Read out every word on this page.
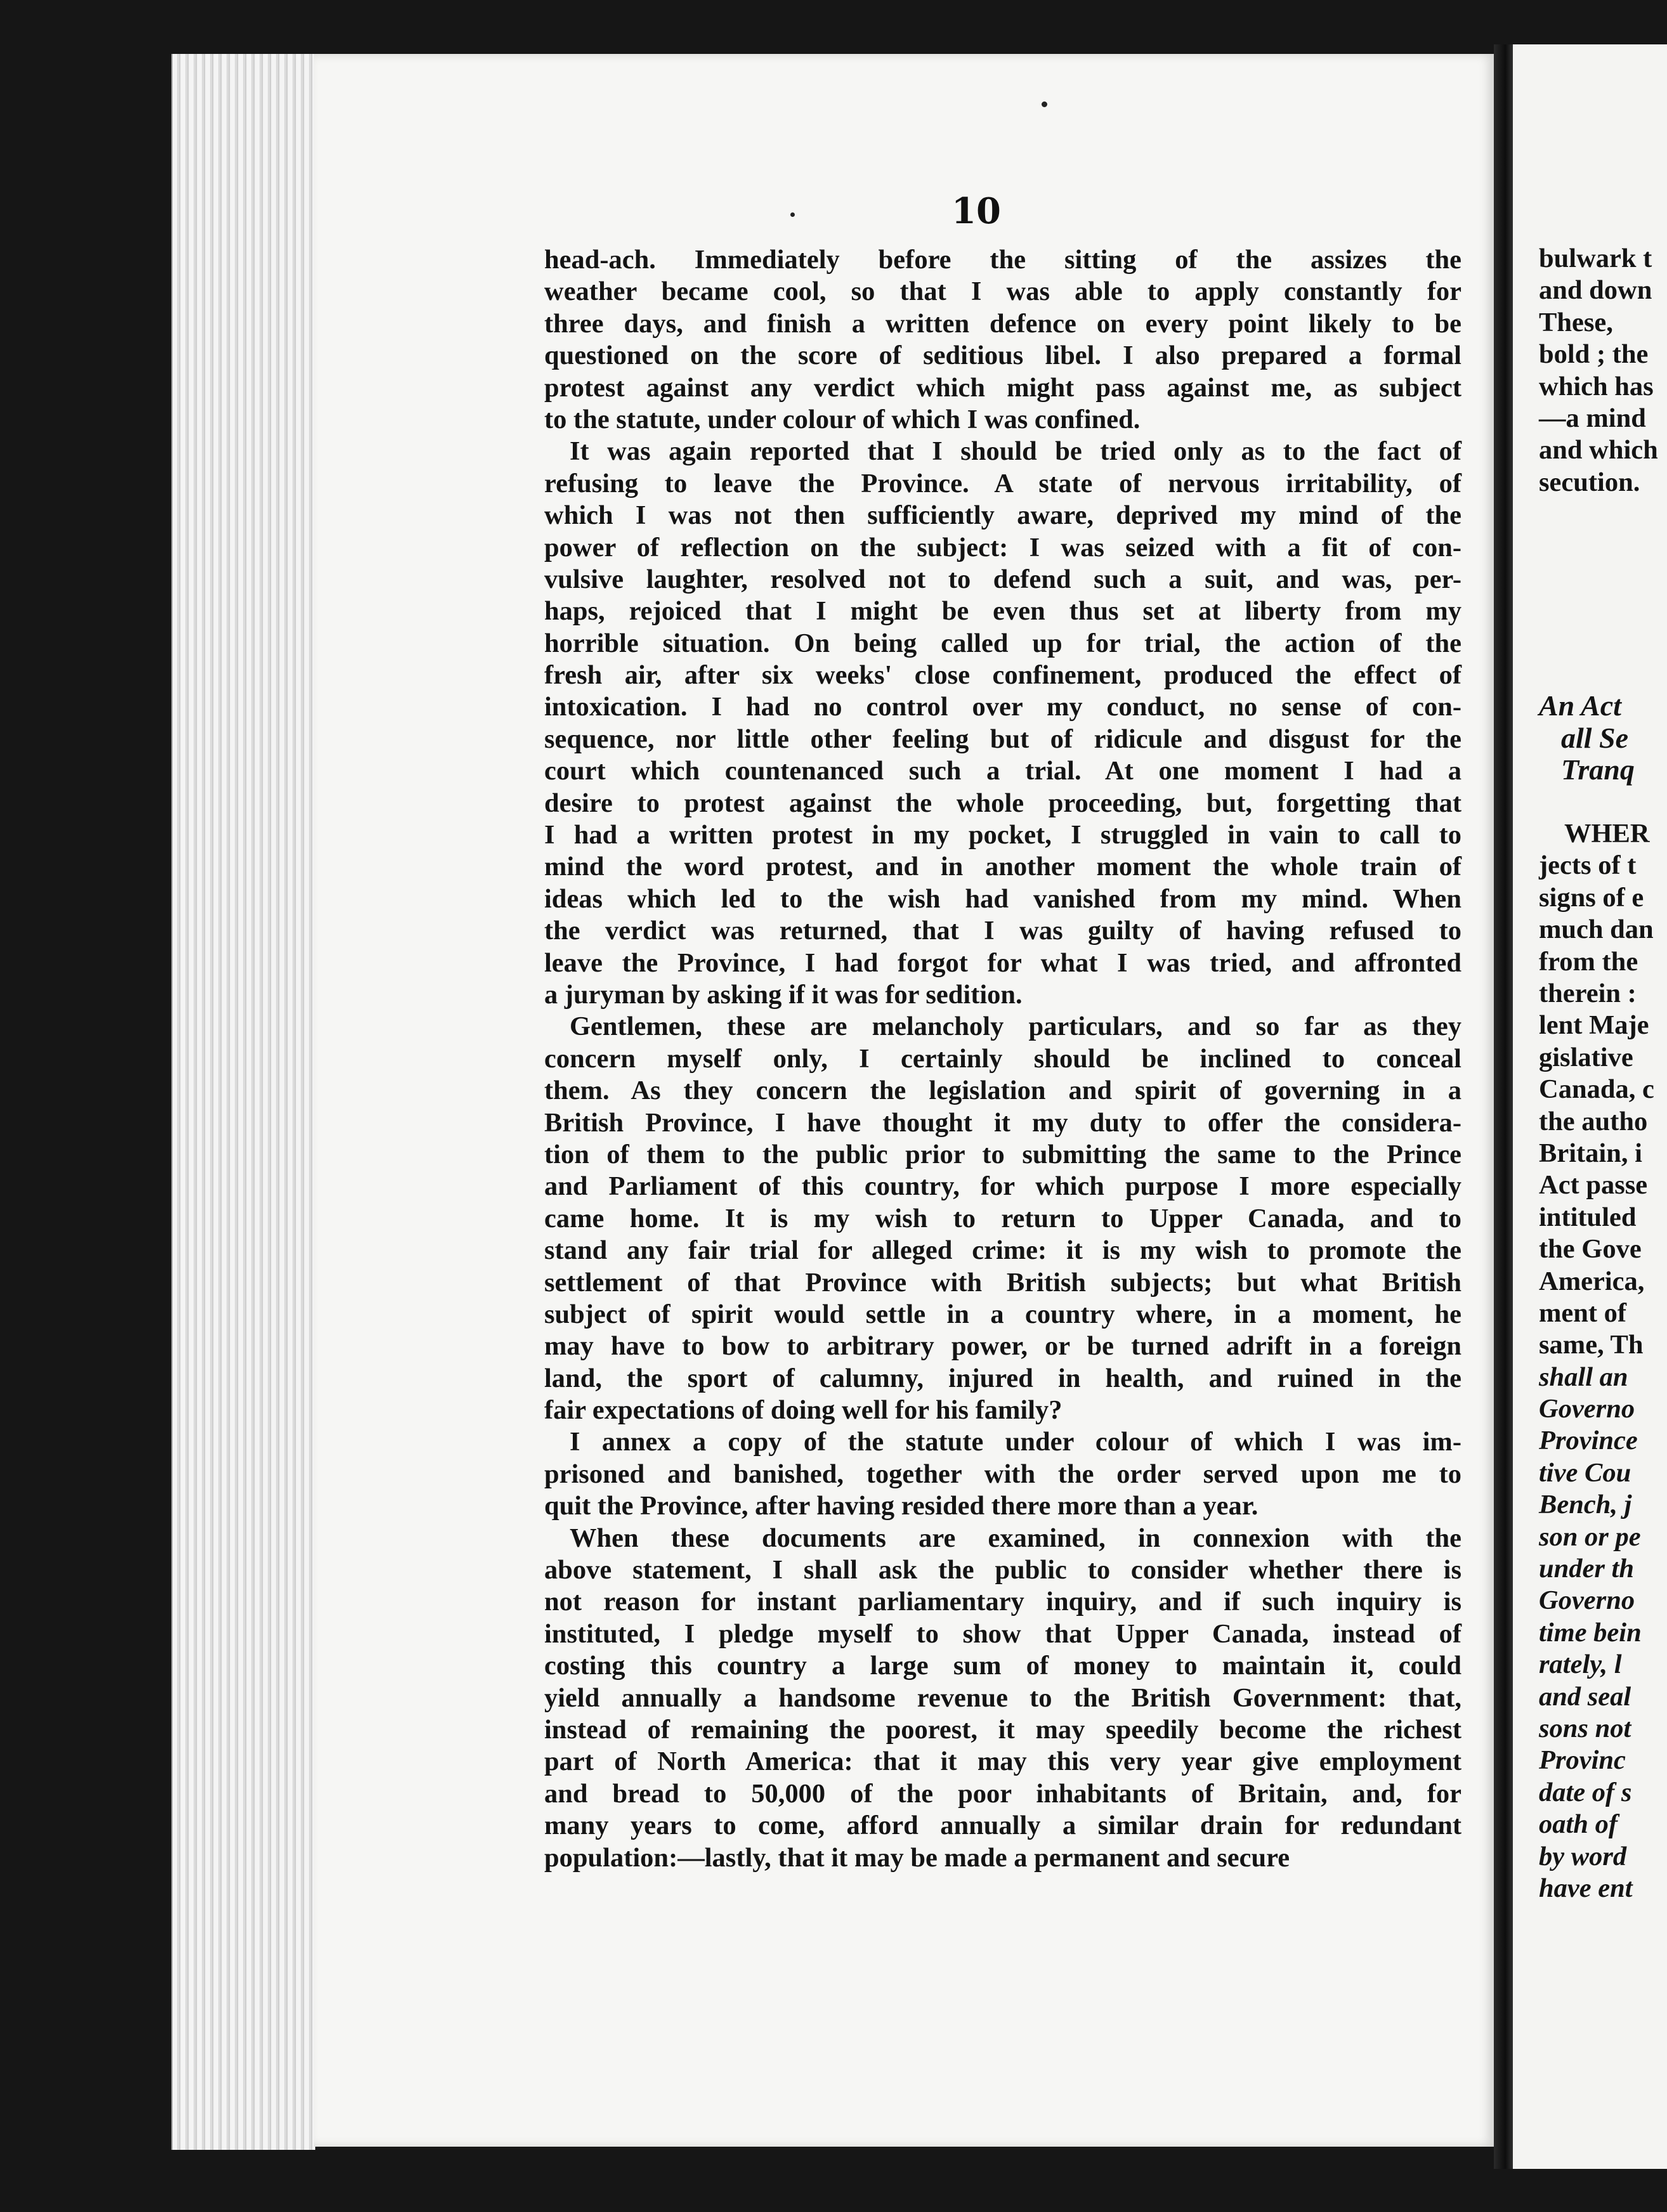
10
head-ach. Immediately before the sitting of the assizes the
weather became cool, so that I was able to apply constantly for
three days, and finish a written defence on every point likely to be
questioned on the score of seditious libel. I also prepared a formal
protest against any verdict which might pass against me, as subject
to the statute, under colour of which I was confined.
It was again reported that I should be tried only as to the fact of
refusing to leave the Province. A state of nervous irritability, of
which I was not then sufficiently aware, deprived my mind of the
power of reflection on the subject: I was seized with a fit of con-
vulsive laughter, resolved not to defend such a suit, and was, per-
haps, rejoiced that I might be even thus set at liberty from my
horrible situation. On being called up for trial, the action of the
fresh air, after six weeks' close confinement, produced the effect of
intoxication. I had no control over my conduct, no sense of con-
sequence, nor little other feeling but of ridicule and disgust for the
court which countenanced such a trial. At one moment I had a
desire to protest against the whole proceeding, but, forgetting that
I had a written protest in my pocket, I struggled in vain to call to
mind the word protest, and in another moment the whole train of
ideas which led to the wish had vanished from my mind. When
the verdict was returned, that I was guilty of having refused to
leave the Province, I had forgot for what I was tried, and affronted
a juryman by asking if it was for sedition.
Gentlemen, these are melancholy particulars, and so far as they
concern myself only, I certainly should be inclined to conceal
them. As they concern the legislation and spirit of governing in a
British Province, I have thought it my duty to offer the considera-
tion of them to the public prior to submitting the same to the Prince
and Parliament of this country, for which purpose I more especially
came home. It is my wish to return to Upper Canada, and to
stand any fair trial for alleged crime: it is my wish to promote the
settlement of that Province with British subjects; but what British
subject of spirit would settle in a country where, in a moment, he
may have to bow to arbitrary power, or be turned adrift in a foreign
land, the sport of calumny, injured in health, and ruined in the
fair expectations of doing well for his family?
I annex a copy of the statute under colour of which I was im-
prisoned and banished, together with the order served upon me to
quit the Province, after having resided there more than a year.
When these documents are examined, in connexion with the
above statement, I shall ask the public to consider whether there is
not reason for instant parliamentary inquiry, and if such inquiry is
instituted, I pledge myself to show that Upper Canada, instead of
costing this country a large sum of money to maintain it, could
yield annually a handsome revenue to the British Government: that,
instead of remaining the poorest, it may speedily become the richest
part of North America: that it may this very year give employment
and bread to 50,000 of the poor inhabitants of Britain, and, for
many years to come, afford annually a similar drain for redundant
population:—lastly, that it may be made a permanent and secure
bulwark t
and down
These,
bold ; the
which has
—a mind
and which
secution.
An Act
all Se
Tranq
WHER
jects of t
signs of e
much dan
from the
therein :
lent Maje
gislative
Canada, c
the autho
Britain, i
Act passe
intituled
the Gove
America,
ment of
same, Th
shall an
Governo
Province
tive Cou
Bench, j
son or pe
under th
Governo
time bein
rately, l
and seal
sons not
Provinc
date of s
oath of
by word
have ent
